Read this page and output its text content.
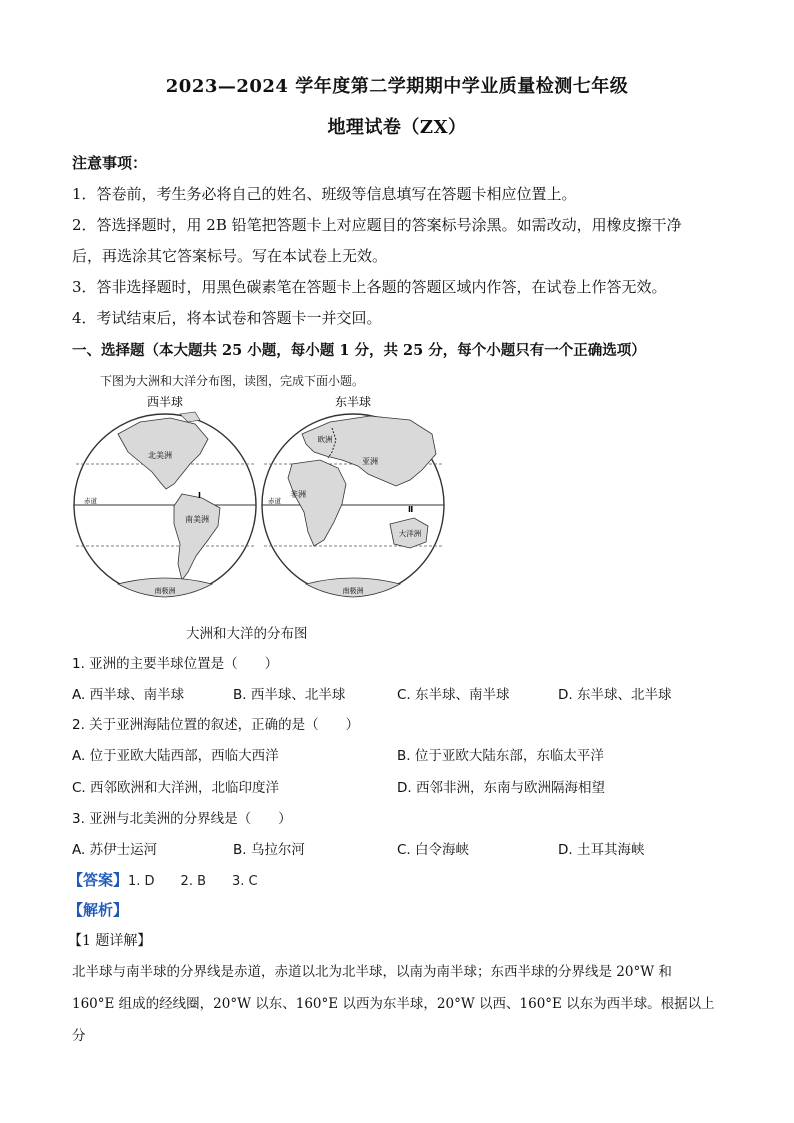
2023—2024 学年度第二学期期中学业质量检测七年级
地理试卷（ZX）
注意事项：
1．答卷前，考生务必将自己的姓名、班级等信息填写在答题卡相应位置上。
2．答选择题时，用 2B 铅笔把答题卡上对应题目的答案标号涂黑。如需改动，用橡皮擦干净
后，再选涂其它答案标号。写在本试卷上无效。
3．答非选择题时，用黑色碳素笔在答题卡上各题的答题区域内作答，在试卷上作答无效。
4．考试结束后，将本试卷和答题卡一并交回。
一、选择题（本大题共 25 小题，每小题 1 分，共 25 分，每个小题只有一个正确选项）
下图为大洲和大洋分布图，读图，完成下面小题。
西半球
北美洲
南美洲
赤道
南极洲
Ⅰ
东半球
欧洲
亚洲
非洲
大洋洲
赤道
南极洲
Ⅱ
大洲和大洋的分布图
1. 亚洲的主要半球位置是（　　）
A. 西半球、南半球	B. 西半球、北半球	C. 东半球、南半球	D. 东半球、北半球
2. 关于亚洲海陆位置的叙述，正确的是（　　）
A. 位于亚欧大陆西部，西临大西洋	B. 位于亚欧大陆东部，东临太平洋
C. 西邻欧洲和大洋洲，北临印度洋	D. 西邻非洲，东南与欧洲隔海相望
3. 亚洲与北美洲的分界线是（　　）
A. 苏伊士运河	B. 乌拉尔河	C. 白令海峡	D. 土耳其海峡
【答案】1. D　　2. B　　3. C
【解析】
【1 题详解】
北半球与南半球的分界线是赤道，赤道以北为北半球，以南为南半球；东西半球的分界线是 20°W 和
160°E 组成的经线圈，20°W 以东、160°E 以西为东半球，20°W 以西、160°E 以东为西半球。根据以上分
